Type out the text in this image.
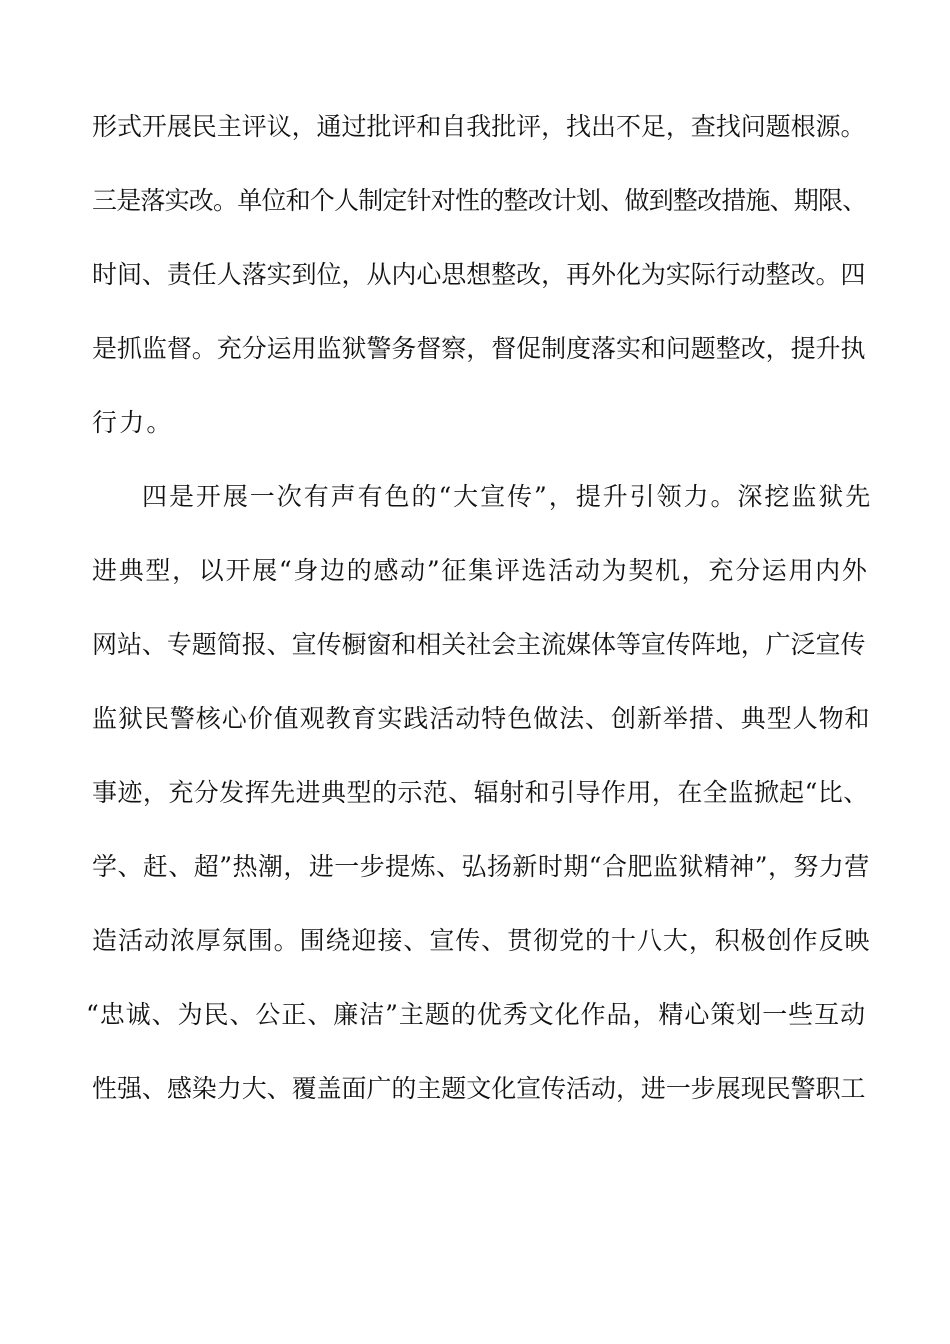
形式开展民主评议，通过批评和自我批评，找出不足，查找问题根源。
三是落实改。单位和个人制定针对性的整改计划、做到整改措施、期限、
时间、责任人落实到位，从内心思想整改，再外化为实际行动整改。四
是抓监督。充分运用监狱警务督察，督促制度落实和问题整改，提升执
行力。
四是开展一次有声有色的“大宣传”，提升引领力。深挖监狱先
进典型，以开展“身边的感动”征集评选活动为契机，充分运用内外
网站、专题简报、宣传橱窗和相关社会主流媒体等宣传阵地，广泛宣传
监狱民警核心价值观教育实践活动特色做法、创新举措、典型人物和
事迹，充分发挥先进典型的示范、辐射和引导作用，在全监掀起“比、
学、赶、超”热潮，进一步提炼、弘扬新时期“合肥监狱精神”，努力营
造活动浓厚氛围。围绕迎接、宣传、贯彻党的十八大，积极创作反映
“忠诚、为民、公正、廉洁”主题的优秀文化作品，精心策划一些互动
性强、感染力大、覆盖面广的主题文化宣传活动，进一步展现民警职工
